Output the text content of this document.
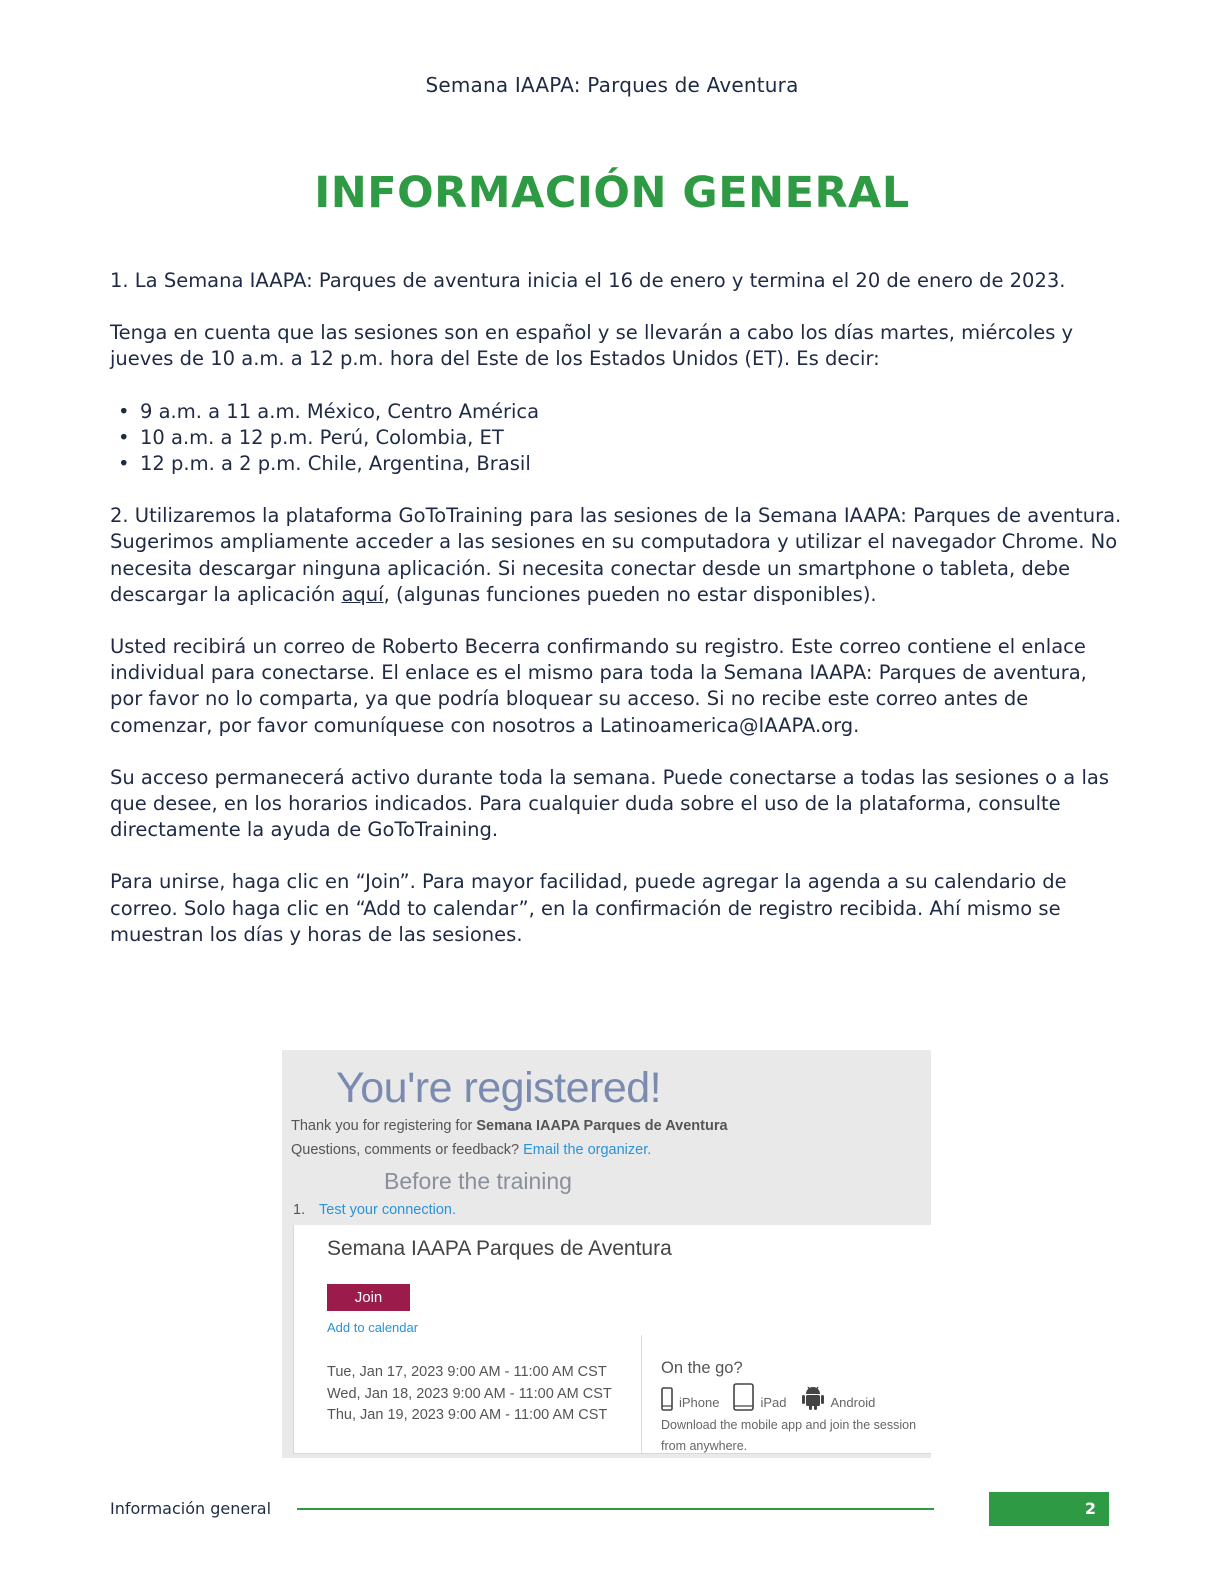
Semana IAAPA: Parques de Aventura
INFORMACIÓN GENERAL

1. La Semana IAAPA: Parques de aventura inicia el 16 de enero y termina el 20 de enero de 2023.

Tenga en cuenta que las sesiones son en español y se llevarán a cabo los días martes, miércoles y jueves de 10 a.m. a 12 p.m. hora del Este de los Estados Unidos (ET). Es decir:

• 9 a.m. a 11 a.m. México, Centro América
• 10 a.m. a 12 p.m. Perú, Colombia, ET
• 12 p.m. a 2 p.m. Chile, Argentina, Brasil

2. Utilizaremos la plataforma GoToTraining para las sesiones de la Semana IAAPA: Parques de aventura. Sugerimos ampliamente acceder a las sesiones en su computadora y utilizar el navegador Chrome. No necesita descargar ninguna aplicación. Si necesita conectar desde un smartphone o tableta, debe descargar la aplicación aquí, (algunas funciones pueden no estar disponibles).

Usted recibirá un correo de Roberto Becerra confirmando su registro. Este correo contiene el enlace individual para conectarse. El enlace es el mismo para toda la Semana IAAPA: Parques de aventura, por favor no lo comparta, ya que podría bloquear su acceso. Si no recibe este correo antes de comenzar, por favor comuníquese con nosotros a Latinoamerica@IAAPA.org.

Su acceso permanecerá activo durante toda la semana. Puede conectarse a todas las sesiones o a las que desee, en los horarios indicados. Para cualquier duda sobre el uso de la plataforma, consulte directamente la ayuda de GoToTraining.

Para unirse, haga clic en “Join”. Para mayor facilidad, puede agregar la agenda a su calendario de correo. Solo haga clic en “Add to calendar”, en la confirmación de registro recibida. Ahí mismo se muestran los días y horas de las sesiones.

You're registered!
Thank you for registering for Semana IAAPA Parques de Aventura
Questions, comments or feedback? Email the organizer.
Before the training
1. Test your connection.
Semana IAAPA Parques de Aventura
Join
Add to calendar
Tue, Jan 17, 2023 9:00 AM - 11:00 AM CST
Wed, Jan 18, 2023 9:00 AM - 11:00 AM CST
Thu, Jan 19, 2023 9:00 AM - 11:00 AM CST
On the go?
iPhone	iPad	Android
Download the mobile app and join the session from anywhere.
Información general	2
